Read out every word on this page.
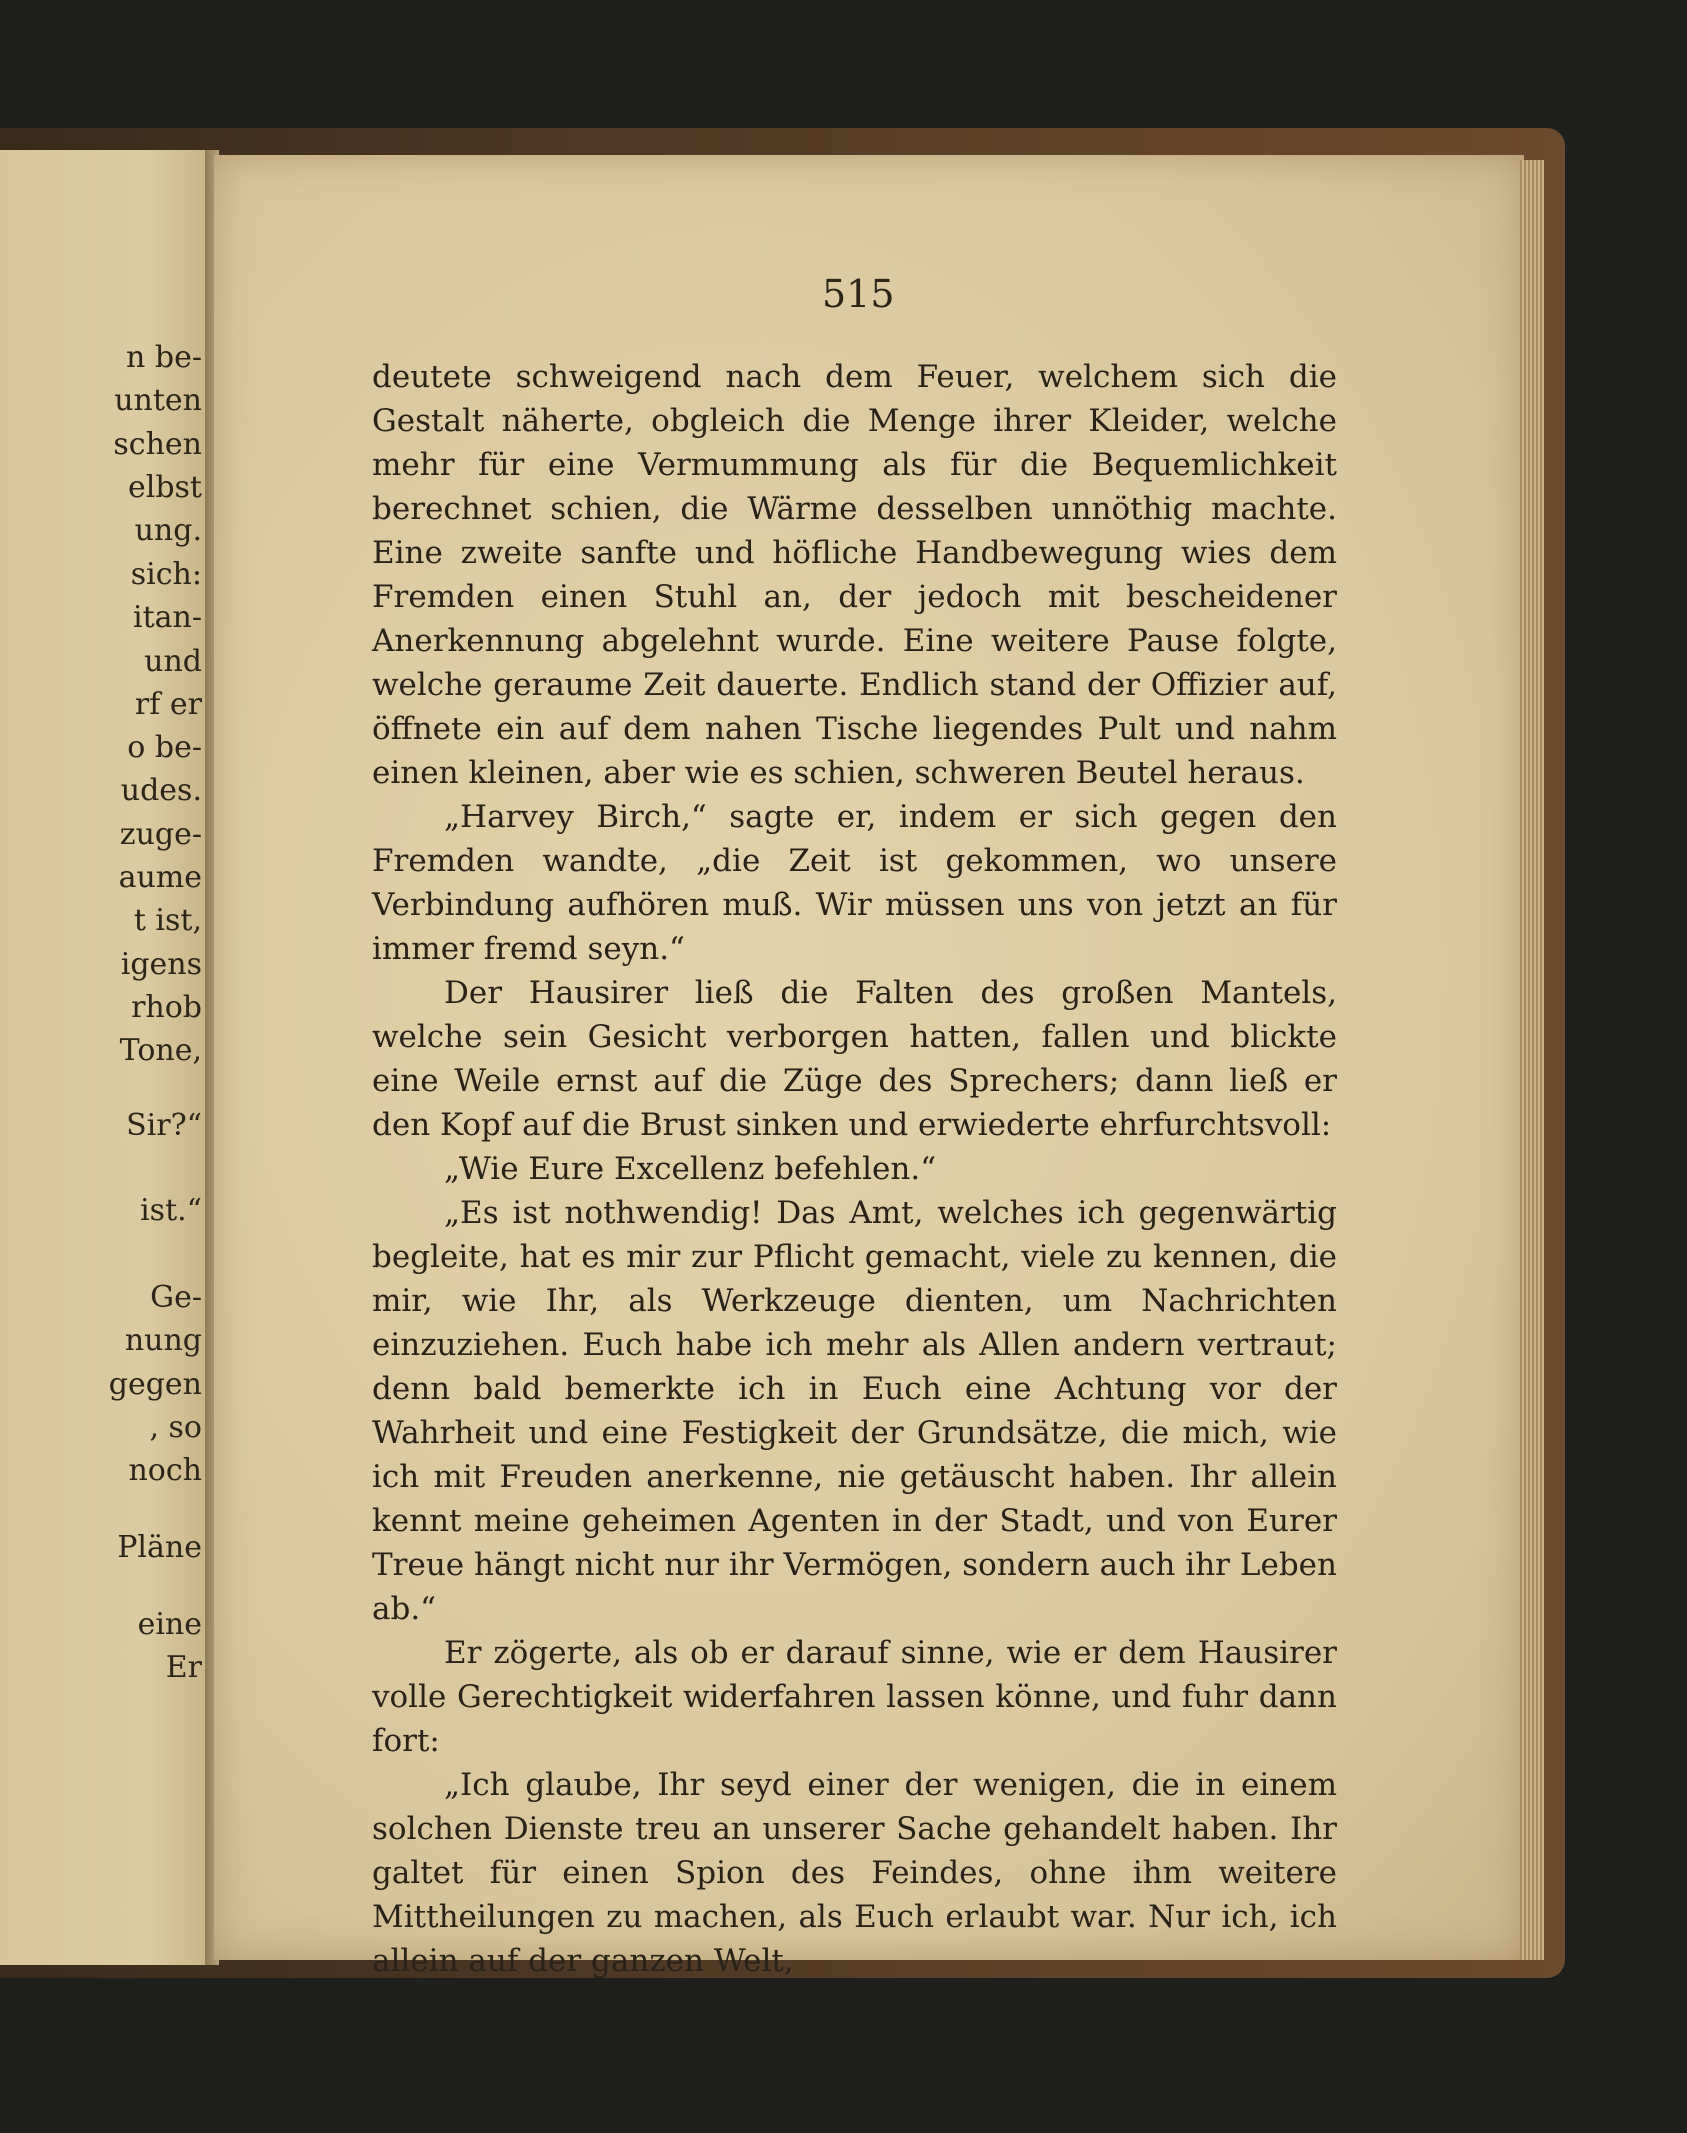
n be-
unten
schen
elbst
ung.
sich:
itan-
und
rf er
o be-
udes.
zuge-
aume
t ist,
igens
rhob
Tone,
Sir?“
ist.“
Ge-
nung
gegen
, so
noch
Pläne
eine
Er
515

deutete schweigend nach dem Feuer, welchem sich die Gestalt näherte, obgleich die Menge ihrer Kleider, welche mehr für eine Vermummung als für die Bequemlichkeit berechnet schien, die Wärme desselben unnöthig machte. Eine zweite sanfte und höfliche Handbewegung wies dem Fremden einen Stuhl an, der jedoch mit bescheidener Anerkennung abgelehnt wurde. Eine weitere Pause folgte, welche geraume Zeit dauerte. Endlich stand der Offizier auf, öffnete ein auf dem nahen Tische liegendes Pult und nahm einen kleinen, aber wie es schien, schweren Beutel heraus.

„Harvey Birch,“ sagte er, indem er sich gegen den Fremden wandte, „die Zeit ist gekommen, wo unsere Verbindung aufhören muß. Wir müssen uns von jetzt an für immer fremd seyn.“

Der Hausirer ließ die Falten des großen Mantels, welche sein Gesicht verborgen hatten, fallen und blickte eine Weile ernst auf die Züge des Sprechers; dann ließ er den Kopf auf die Brust sinken und erwiederte ehrfurchtsvoll:

„Wie Eure Excellenz befehlen.“

„Es ist nothwendig! Das Amt, welches ich gegenwärtig begleite, hat es mir zur Pflicht gemacht, viele zu kennen, die mir, wie Ihr, als Werkzeuge dienten, um Nachrichten einzuziehen. Euch habe ich mehr als Allen andern vertraut; denn bald bemerkte ich in Euch eine Achtung vor der Wahrheit und eine Festigkeit der Grundsätze, die mich, wie ich mit Freuden anerkenne, nie getäuscht haben. Ihr allein kennt meine geheimen Agenten in der Stadt, und von Eurer Treue hängt nicht nur ihr Vermögen, sondern auch ihr Leben ab.“

Er zögerte, als ob er darauf sinne, wie er dem Hausirer volle Gerechtigkeit widerfahren lassen könne, und fuhr dann fort:

„Ich glaube, Ihr seyd einer der wenigen, die in einem solchen Dienste treu an unserer Sache gehandelt haben. Ihr galtet für einen Spion des Feindes, ohne ihm weitere Mittheilungen zu machen, als Euch erlaubt war. Nur ich, ich allein auf der ganzen Welt,
